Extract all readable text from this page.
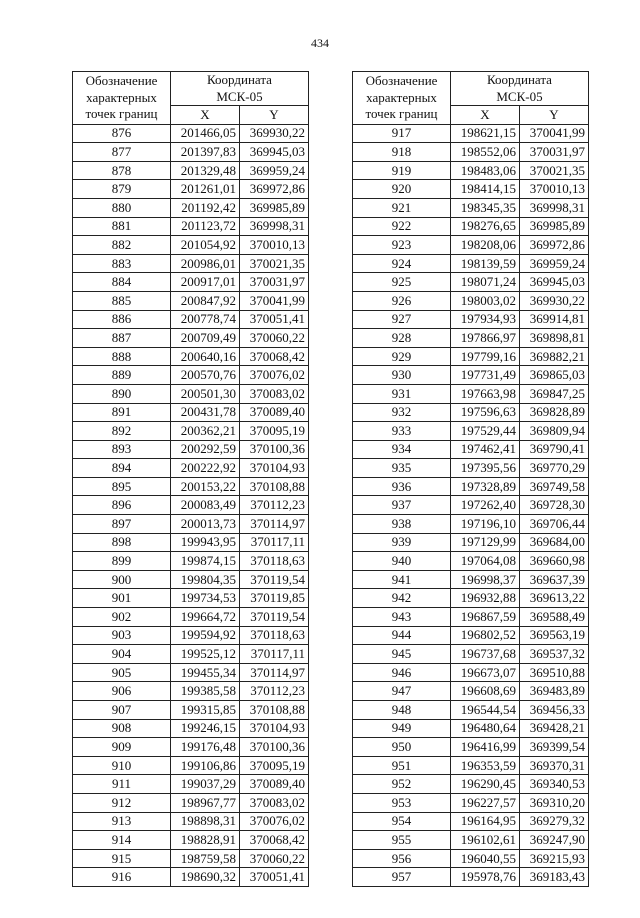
434
Обозначение
характерных
точек границ	Координата
МСК-05	
	X	Y
876	201466,05	369930,22
877	201397,83	369945,03
878	201329,48	369959,24
879	201261,01	369972,86
880	201192,42	369985,89
881	201123,72	369998,31
882	201054,92	370010,13
883	200986,01	370021,35
884	200917,01	370031,97
885	200847,92	370041,99
886	200778,74	370051,41
887	200709,49	370060,22
888	200640,16	370068,42
889	200570,76	370076,02
890	200501,30	370083,02
891	200431,78	370089,40
892	200362,21	370095,19
893	200292,59	370100,36
894	200222,92	370104,93
895	200153,22	370108,88
896	200083,49	370112,23
897	200013,73	370114,97
898	199943,95	370117,11
899	199874,15	370118,63
900	199804,35	370119,54
901	199734,53	370119,85
902	199664,72	370119,54
903	199594,92	370118,63
904	199525,12	370117,11
905	199455,34	370114,97
906	199385,58	370112,23
907	199315,85	370108,88
908	199246,15	370104,93
909	199176,48	370100,36
910	199106,86	370095,19
911	199037,29	370089,40
912	198967,77	370083,02
913	198898,31	370076,02
914	198828,91	370068,42
915	198759,58	370060,22
916	198690,32	370051,41
Обозначение
характерных
точек границ	Координата
МСК-05	
	X	Y
917	198621,15	370041,99
918	198552,06	370031,97
919	198483,06	370021,35
920	198414,15	370010,13
921	198345,35	369998,31
922	198276,65	369985,89
923	198208,06	369972,86
924	198139,59	369959,24
925	198071,24	369945,03
926	198003,02	369930,22
927	197934,93	369914,81
928	197866,97	369898,81
929	197799,16	369882,21
930	197731,49	369865,03
931	197663,98	369847,25
932	197596,63	369828,89
933	197529,44	369809,94
934	197462,41	369790,41
935	197395,56	369770,29
936	197328,89	369749,58
937	197262,40	369728,30
938	197196,10	369706,44
939	197129,99	369684,00
940	197064,08	369660,98
941	196998,37	369637,39
942	196932,88	369613,22
943	196867,59	369588,49
944	196802,52	369563,19
945	196737,68	369537,32
946	196673,07	369510,88
947	196608,69	369483,89
948	196544,54	369456,33
949	196480,64	369428,21
950	196416,99	369399,54
951	196353,59	369370,31
952	196290,45	369340,53
953	196227,57	369310,20
954	196164,95	369279,32
955	196102,61	369247,90
956	196040,55	369215,93
957	195978,76	369183,43
